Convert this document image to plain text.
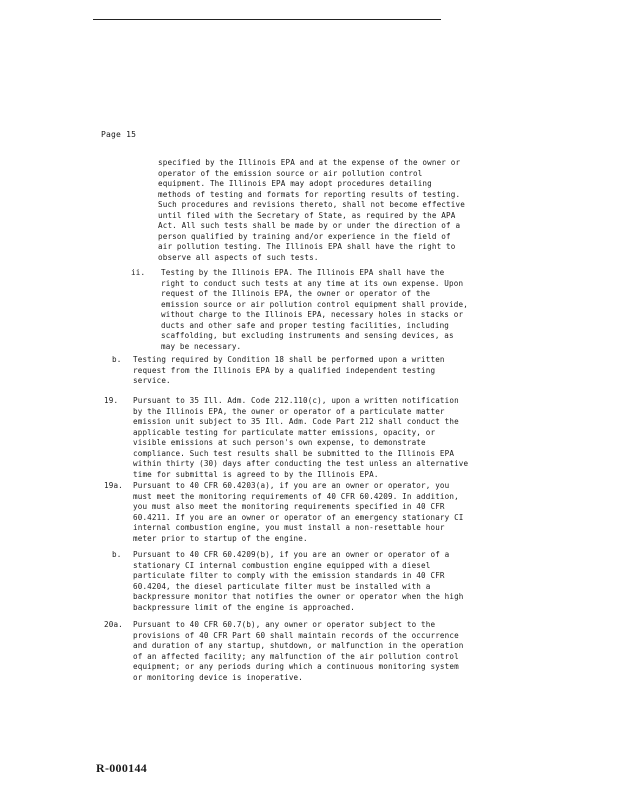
Page 15
specified by the Illinois EPA and at the expense of the owner or
operator of the emission source or air pollution control
equipment. The Illinois EPA may adopt procedures detailing
methods of testing and formats for reporting results of testing.
Such procedures and revisions thereto, shall not become effective
until filed with the Secretary of State, as required by the APA
Act. All such tests shall be made by or under the direction of a
person qualified by training and/or experience in the field of
air pollution testing. The Illinois EPA shall have the right to
observe all aspects of such tests.
ii. Testing by the Illinois EPA. The Illinois EPA shall have the
right to conduct such tests at any time at its own expense. Upon
request of the Illinois EPA, the owner or operator of the
emission source or air pollution control equipment shall provide,
without charge to the Illinois EPA, necessary holes in stacks or
ducts and other safe and proper testing facilities, including
scaffolding, but excluding instruments and sensing devices, as
may be necessary.
b. Testing required by Condition 18 shall be performed upon a written
request from the Illinois EPA by a qualified independent testing
service.
19. Pursuant to 35 Ill. Adm. Code 212.110(c), upon a written notification
by the Illinois EPA, the owner or operator of a particulate matter
emission unit subject to 35 Ill. Adm. Code Part 212 shall conduct the
applicable testing for particulate matter emissions, opacity, or
visible emissions at such person's own expense, to demonstrate
compliance. Such test results shall be submitted to the Illinois EPA
within thirty (30) days after conducting the test unless an alternative
time for submittal is agreed to by the Illinois EPA.
19a. Pursuant to 40 CFR 60.4203(a), if you are an owner or operator, you
must meet the monitoring requirements of 40 CFR 60.4209. In addition,
you must also meet the monitoring requirements specified in 40 CFR
60.4211. If you are an owner or operator of an emergency stationary CI
internal combustion engine, you must install a non-resettable hour
meter prior to startup of the engine.
b. Pursuant to 40 CFR 60.4209(b), if you are an owner or operator of a
stationary CI internal combustion engine equipped with a diesel
particulate filter to comply with the emission standards in 40 CFR
60.4204, the diesel particulate filter must be installed with a
backpressure monitor that notifies the owner or operator when the high
backpressure limit of the engine is approached.
20a. Pursuant to 40 CFR 60.7(b), any owner or operator subject to the
provisions of 40 CFR Part 60 shall maintain records of the occurrence
and duration of any startup, shutdown, or malfunction in the operation
of an affected facility; any malfunction of the air pollution control
equipment; or any periods during which a continuous monitoring system
or monitoring device is inoperative.
R-000144
